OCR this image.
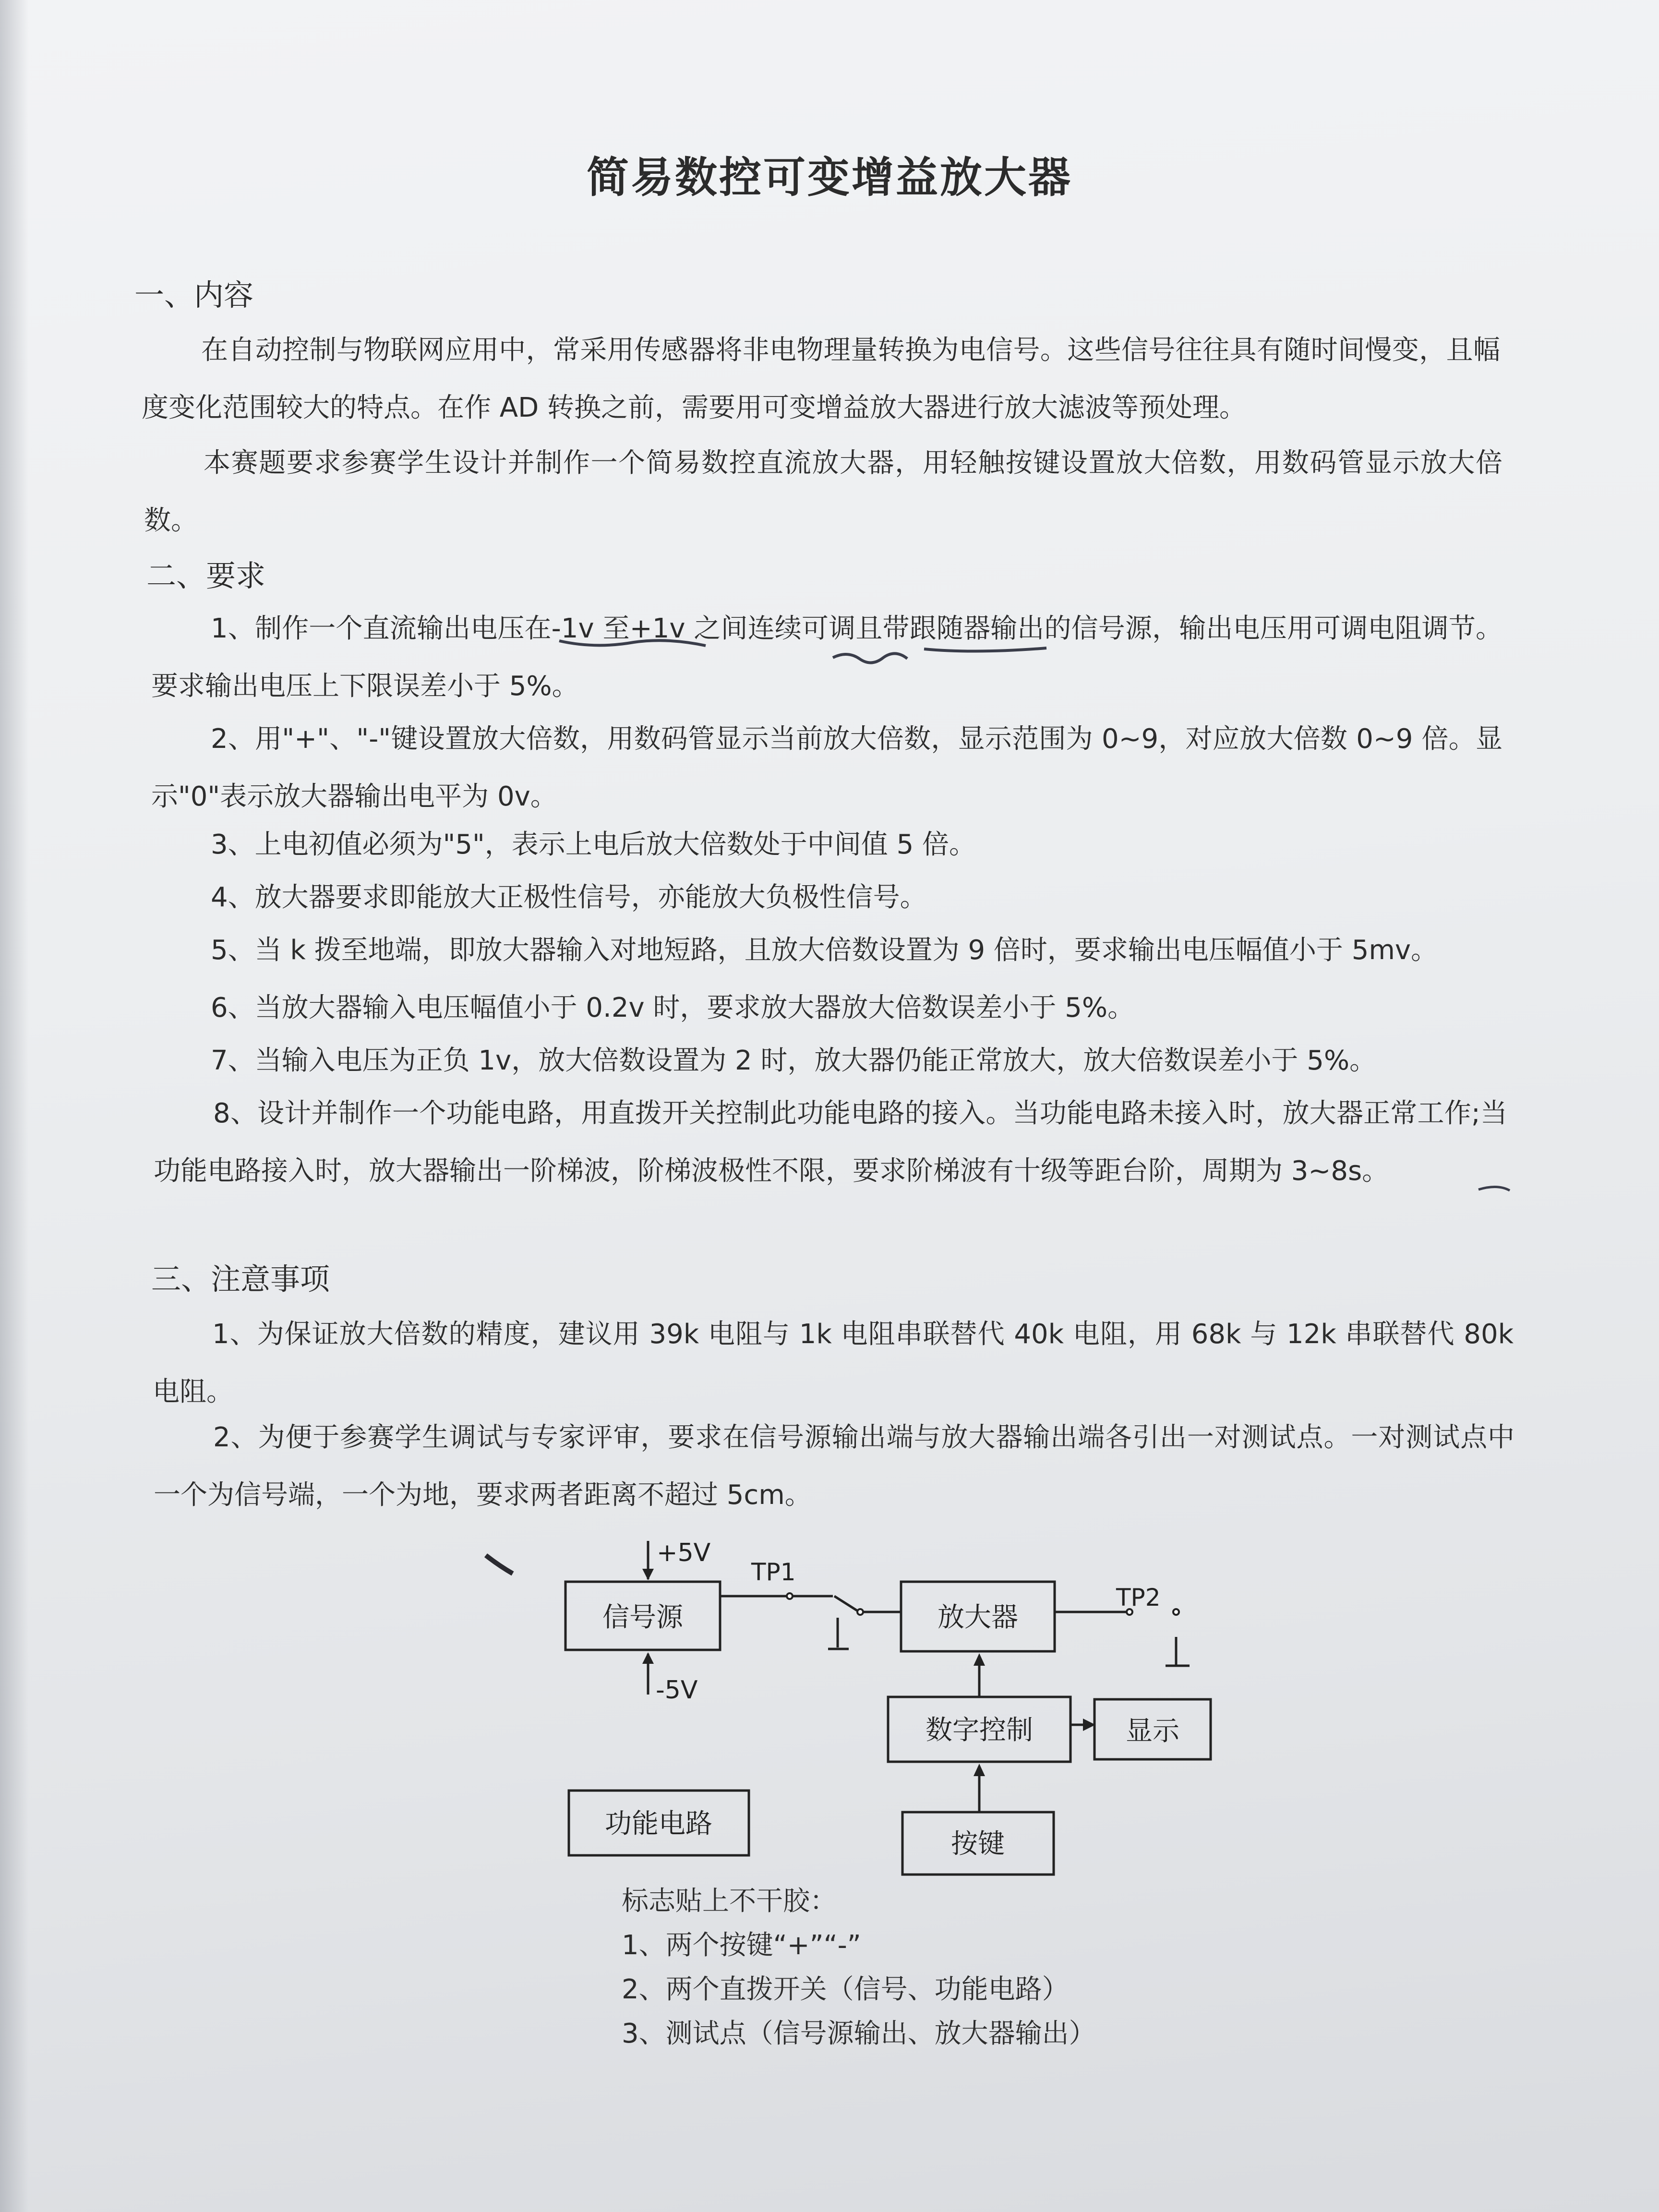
简易数控可变增益放大器
一、内容
在自动控制与物联网应用中，常采用传感器将非电物理量转换为电信号。这些信号往往具有随时间慢变，且幅度变化范围较大的特点。在作 AD 转换之前，需要用可变增益放大器进行放大滤波等预处理。
本赛题要求参赛学生设计并制作一个简易数控直流放大器，用轻触按键设置放大倍数，用数码管显示放大倍数。
二、要求
1、制作一个直流输出电压在-1v 至+1v 之间连续可调且带跟随器输出的信号源，输出电压用可调电阻调节。要求输出电压上下限误差小于 5%。
2、用"+"、"-"键设置放大倍数，用数码管显示当前放大倍数，显示范围为 0~9，对应放大倍数 0~9 倍。显示"0"表示放大器输出电平为 0v。
3、上电初值必须为"5"，表示上电后放大倍数处于中间值 5 倍。
4、放大器要求即能放大正极性信号，亦能放大负极性信号。
5、当 k 拨至地端，即放大器输入对地短路，且放大倍数设置为 9 倍时，要求输出电压幅值小于 5mv。
6、当放大器输入电压幅值小于 0.2v 时，要求放大器放大倍数误差小于 5%。
7、当输入电压为正负 1v，放大倍数设置为 2 时，放大器仍能正常放大，放大倍数误差小于 5%。
8、设计并制作一个功能电路，用直拨开关控制此功能电路的接入。当功能电路未接入时，放大器正常工作;当功能电路接入时，放大器输出一阶梯波，阶梯波极性不限，要求阶梯波有十级等距台阶，周期为 3~8s。
三、注意事项
1、为保证放大倍数的精度，建议用 39k 电阻与 1k 电阻串联替代 40k 电阻，用 68k 与 12k 串联替代 80k 电阻。
2、为便于参赛学生调试与专家评审，要求在信号源输出端与放大器输出端各引出一对测试点。一对测试点中一个为信号端，一个为地，要求两者距离不超过 5cm。
+5V
信号源
-5V
TP1
放大器
TP2
数字控制	显示
按键
功能电路
标志贴上不干胶：
1、两个按键“+”“-”
2、两个直拨开关（信号、功能电路）
3、测试点（信号源输出、放大器输出）
